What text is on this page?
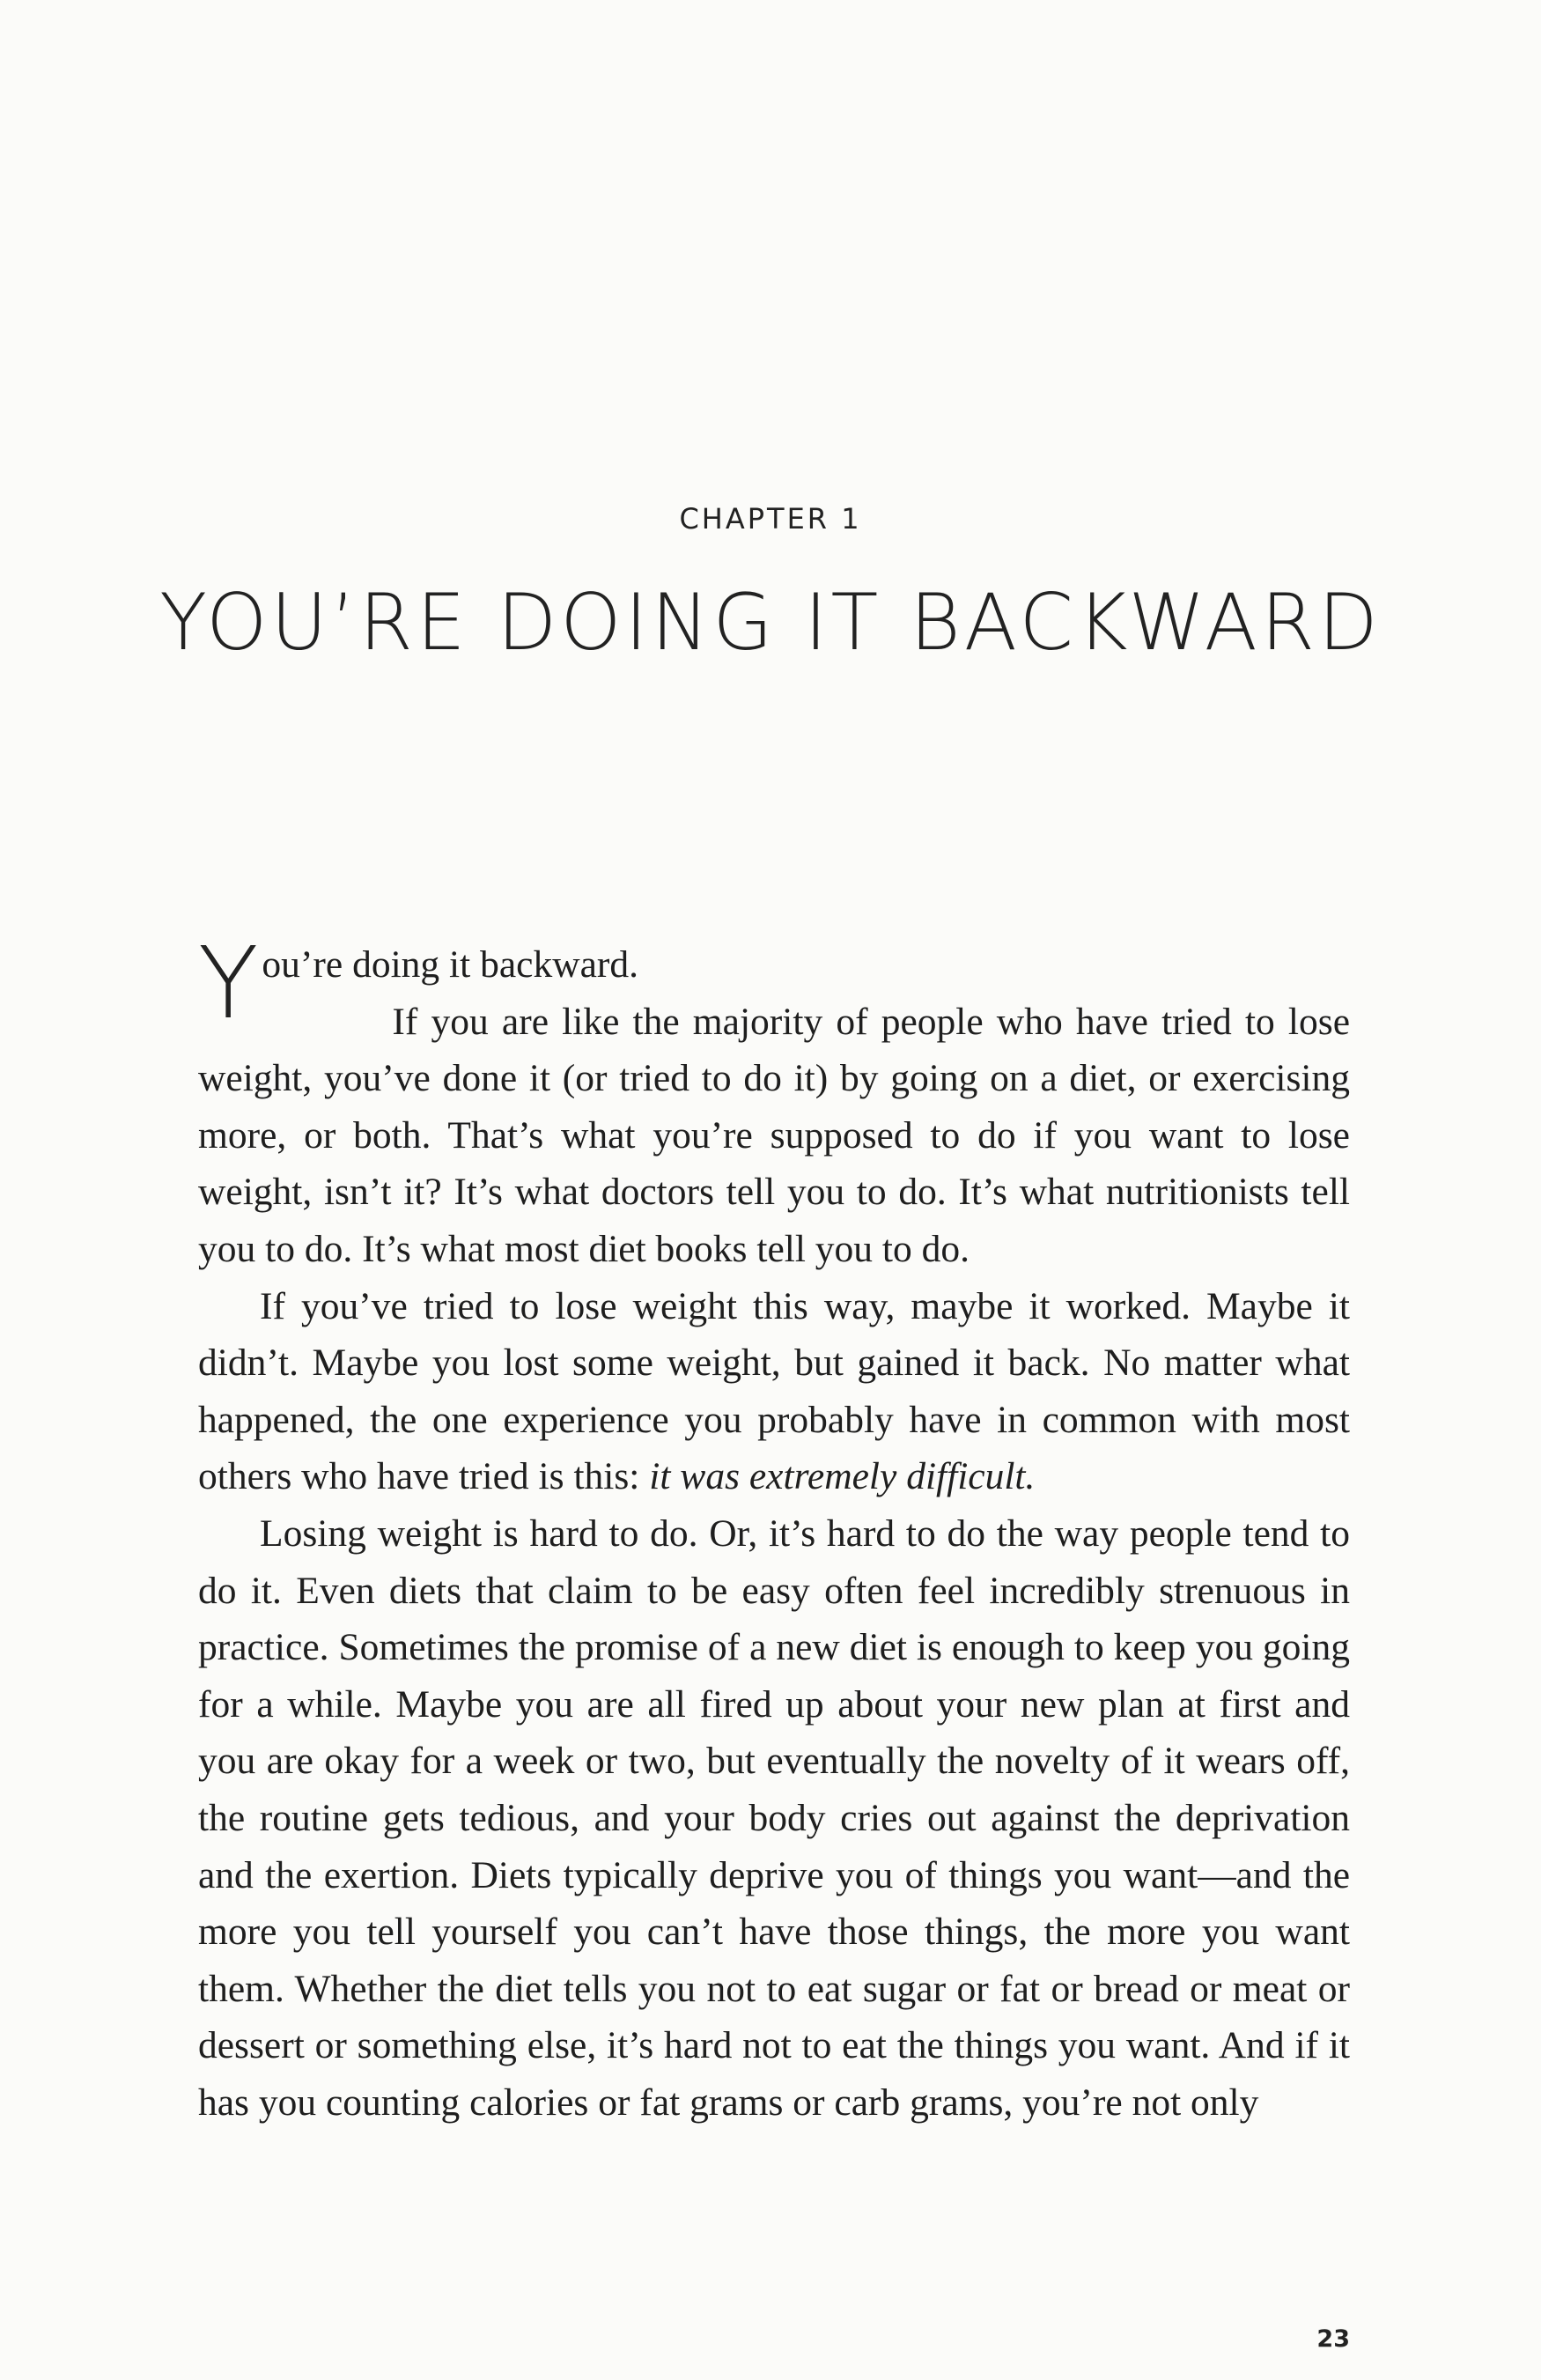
CHAPTER 1
YOU’RE DOING IT BACKWARD

You’re doing it backward.
If you are like the majority of people who have tried to lose weight, you’ve done it (or tried to do it) by going on a diet, or exercising more, or both. That’s what you’re supposed to do if you want to lose weight, isn’t it? It’s what doctors tell you to do. It’s what nutritionists tell you to do. It’s what most diet books tell you to do.

If you’ve tried to lose weight this way, maybe it worked. Maybe it didn’t. Maybe you lost some weight, but gained it back. No matter what happened, the one experience you probably have in common with most others who have tried is this: it was extremely difficult.

Losing weight is hard to do. Or, it’s hard to do the way people tend to do it. Even diets that claim to be easy often feel incredibly strenuous in practice. Sometimes the promise of a new diet is enough to keep you going for a while. Maybe you are all fired up about your new plan at first and you are okay for a week or two, but eventually the novelty of it wears off, the routine gets tedious, and your body cries out against the deprivation and the exertion. Diets typically deprive you of things you want—and the more you tell yourself you can’t have those things, the more you want them. Whether the diet tells you not to eat sugar or fat or bread or meat or dessert or something else, it’s hard not to eat the things you want. And if it has you counting calories or fat grams or carb grams, you’re not only

23
